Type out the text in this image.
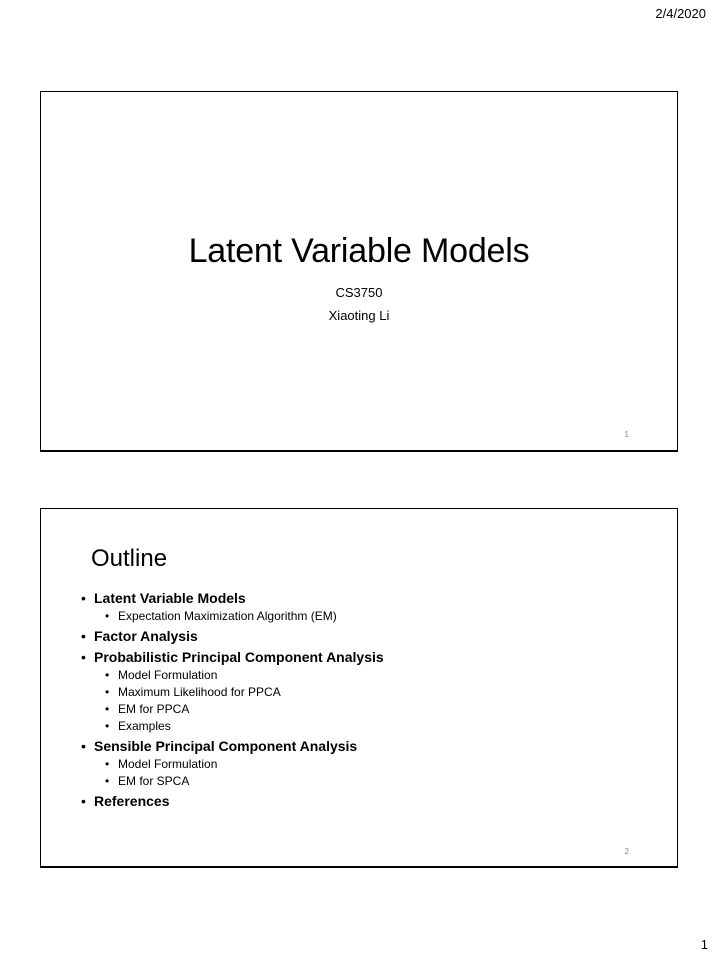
2/4/2020
Latent Variable Models
CS3750
Xiaoting Li
1
Outline
• Latent Variable Models
• Expectation Maximization Algorithm (EM)
• Factor Analysis
• Probabilistic Principal Component Analysis
• Model Formulation
• Maximum Likelihood for PPCA
• EM for PPCA
• Examples
• Sensible Principal Component Analysis
• Model Formulation
• EM for SPCA
• References
2
1
